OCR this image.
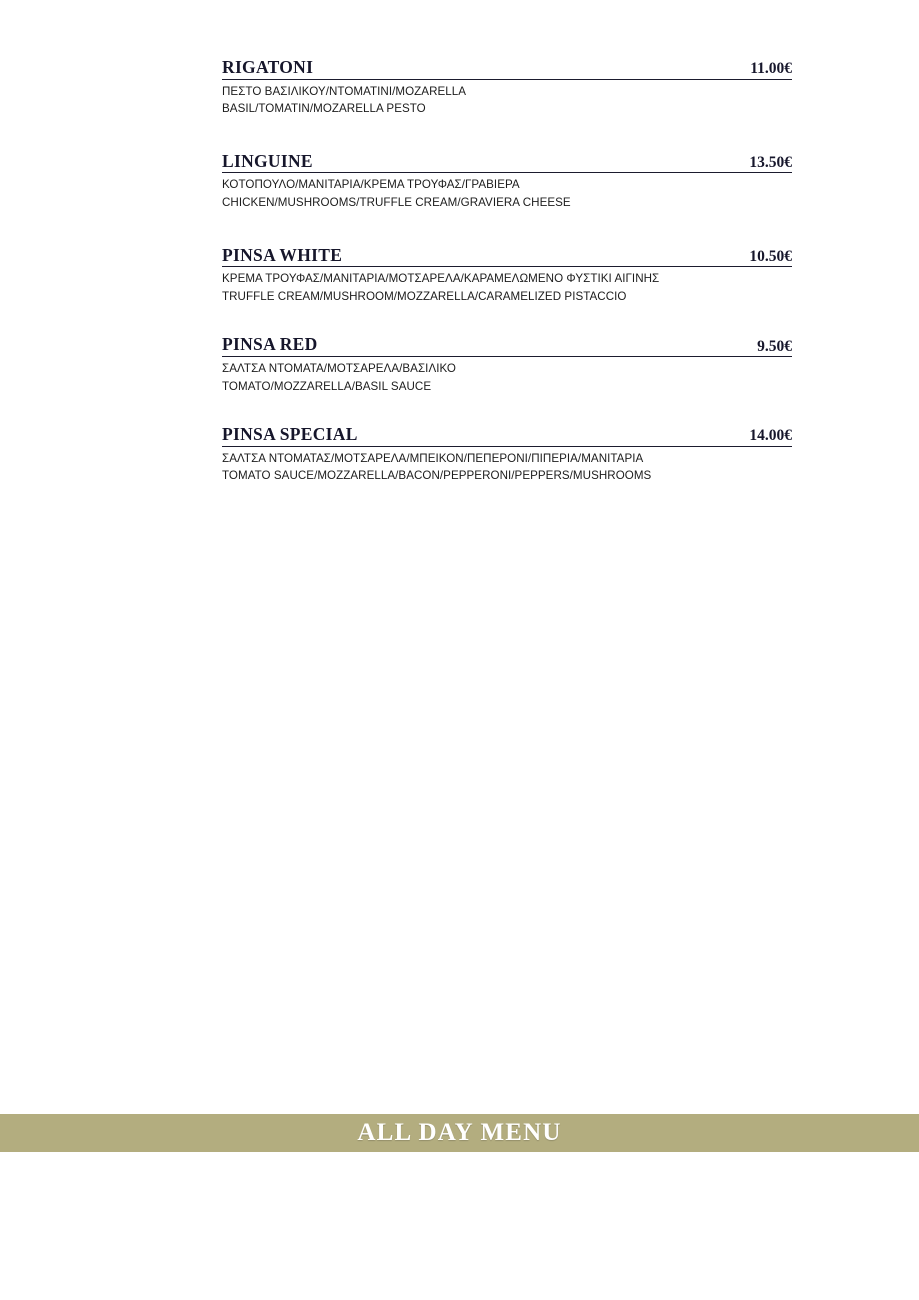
RIGATONI	11.00€
ΠΕΣΤΟ ΒΑΣΙΛΙΚΟΥ/NTOMATINI/MOZARELLA
BASIL/TOMATIN/MOZARELLA PESTO
LINGUINE	13.50€
ΚΟΤΟΠΟΥΛΟ/ΜΑΝΙΤΑΡΙΑ/ΚΡΕΜΑ ΤΡΟΥΦΑΣ/ΓΡΑΒΙΕΡΑ
CHICKEN/MUSHROOMS/TRUFFLE CREAM/GRAVIERA CHEESE
PINSA WHITE	10.50€
ΚΡΕΜΑ ΤΡΟΥΦΑΣ/ΜΑΝΙΤΑΡΙΑ/ΜΟΤΣΑΡΕΛΑ/ΚΑΡΑΜΕΛΩΜΕΝΟ ΦΥΣΤΙΚΙ ΑΙΓΙΝΗΣ
TRUFFLE CREAM/MUSHROOM/MOZZARELLA/CARAMELIZED PISTACCIO
PINSA RED	9.50€
ΣΑΛΤΣΑ ΝΤΟΜΑΤΑ/ΜΟΤΣΑΡΕΛΑ/ΒΑΣΙΛΙΚΟ
TOMATO/MOZZARELLA/BASIL SAUCE
PINSA SPECIAL	14.00€
ΣΑΛΤΣΑ ΝΤΟΜΑΤΑΣ/ΜΟΤΣΑΡΕΛΑ/ΜΠΕΙΚΟΝ/ΠΕΠΕΡΟΝΙ/ΠΙΠΕΡΙΑ/ΜΑΝΙΤΑΡΙΑ
TOMATO SAUCE/MOZZARELLA/BACON/PEPPERONI/PEPPERS/MUSHROOMS
ALL DAY MENU
